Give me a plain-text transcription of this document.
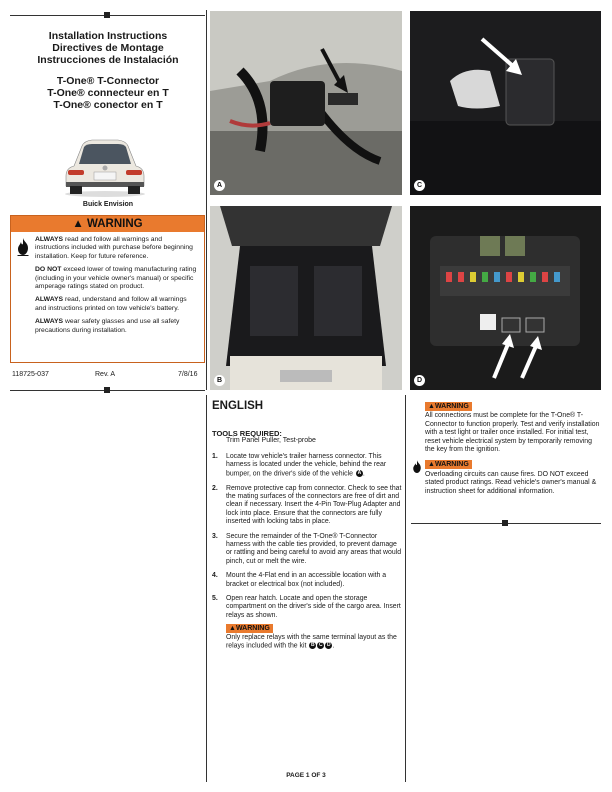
Installation Instructions
Directives de Montage
Instrucciones de Instalación
T-One® T-Connector
T-One® connecteur en T
T-One® conector en T
Buick Envision
▲ WARNING

ALWAYS read and follow all warnings and instructions included with purchase before beginning installation. Keep for future reference.

DO NOT exceed lower of towing manufacturing rating (including in your vehicle owner's manual) or specific amperage ratings stated on product.

ALWAYS read, understand and follow all warnings and instructions printed on tow vehicle's battery.

ALWAYS wear safety glasses and use all safety precautions during installation.

118725-037	Rev. A	7/8/16
A	C
B	D
ENGLISH
TOOLS REQUIRED:
Trim Panel Puller, Test-probe
1. Locate tow vehicle's trailer harness connector. This harness is located under the vehicle, behind the rear bumper, on the driver's side of the vehicle A .
2. Remove protective cap from connector. Check to see that the mating surfaces of the connectors are free of dirt and clean if necessary. Insert the 4-Pin Tow-Plug Adapter and lock into place. Ensure that the connectors are fully inserted with locking tabs in place.
3. Secure the remainder of the T-One® T-Connector harness with the cable ties provided, to prevent damage or rattling and being careful to avoid any areas that would pinch, cut or melt the wire.
4. Mount the 4-Flat end in an accessible location with a bracket or electrical box (not included).
5. Open rear hatch. Locate and open the storage compartment on the driver's side of the cargo area. Insert relays as shown.
▲WARNING
Only replace relays with the same terminal layout as the relays included with the kit B C D .
▲WARNING

All connections must be complete for the T-One® T-Connector to function properly. Test and verify installation with a test light or trailer once installed. For initial test, reset vehicle electrical system by temporarily removing the key from the ignition.

▲WARNING

Overloading circuits can cause fires. DO NOT exceed stated product ratings. Read vehicle's owner's manual & instruction sheet for additional information.

PAGE 1 OF 3
